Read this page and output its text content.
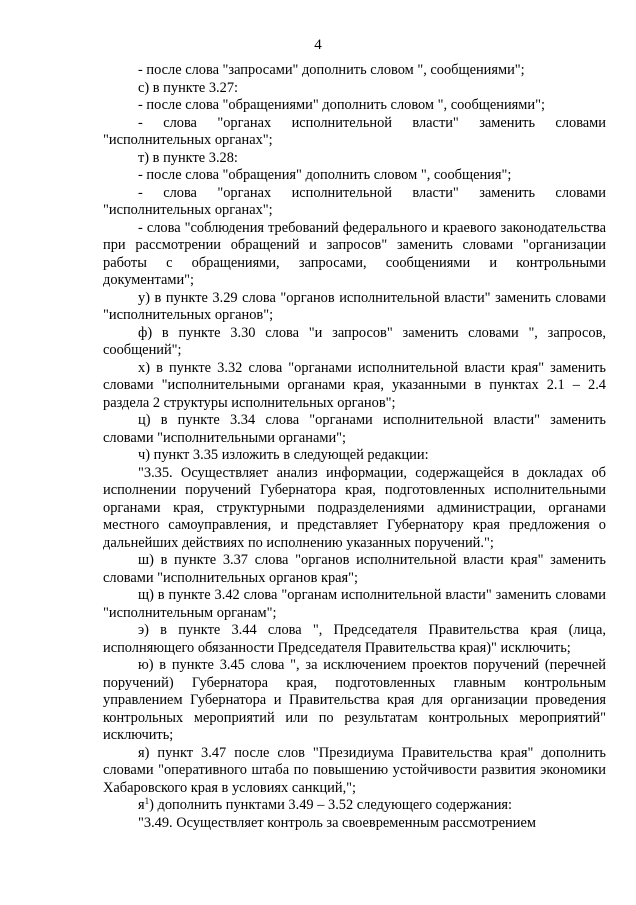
4

- после слова "запросами" дополнить словом ", сообщениями";

с) в пункте 3.27:

- после слова "обращениями" дополнить словом ", сообщениями";

- слова "органах исполнительной власти" заменить словами "исполнительных органах";

т) в пункте 3.28:

- после слова "обращения" дополнить словом ", сообщения";

- слова "органах исполнительной власти" заменить словами "исполнительных органах";

- слова "соблюдения требований федерального и краевого законодательства при рассмотрении обращений и запросов" заменить словами "организации работы с обращениями, запросами, сообщениями и контрольными документами";

у) в пункте 3.29 слова "органов исполнительной власти" заменить словами "исполнительных органов";

ф) в пункте 3.30 слова "и запросов" заменить словами ", запросов, сообщений";

х) в пункте 3.32 слова "органами исполнительной власти края" заменить словами "исполнительными органами края, указанными в пунктах 2.1 – 2.4 раздела 2 структуры исполнительных органов";

ц) в пункте 3.34 слова "органами исполнительной власти" заменить словами "исполнительными органами";

ч) пункт 3.35 изложить в следующей редакции:

"3.35. Осуществляет анализ информации, содержащейся в докладах об исполнении поручений Губернатора края, подготовленных исполнительными органами края, структурными подразделениями администрации, органами местного самоуправления, и представляет Губернатору края предложения о дальнейших действиях по исполнению указанных поручений.";

ш) в пункте 3.37 слова "органов исполнительной власти края" заменить словами "исполнительных органов края";

щ) в пункте 3.42 слова "органам исполнительной власти" заменить словами "исполнительным органам";

э) в пункте 3.44 слова ", Председателя Правительства края (лица, исполняющего обязанности Председателя Правительства края)" исключить;

ю) в пункте 3.45 слова ", за исключением проектов поручений (перечней поручений) Губернатора края, подготовленных главным контрольным управлением Губернатора и Правительства края для организации проведения контрольных мероприятий или по результатам контрольных мероприятий" исключить;

я) пункт 3.47 после слов "Президиума Правительства края" дополнить словами "оперативного штаба по повышению устойчивости развития экономики Хабаровского края в условиях санкций,";

$я^1$) дополнить пунктами 3.49 – 3.52 следующего содержания:

"3.49. Осуществляет контроль за своевременным рассмотрением
